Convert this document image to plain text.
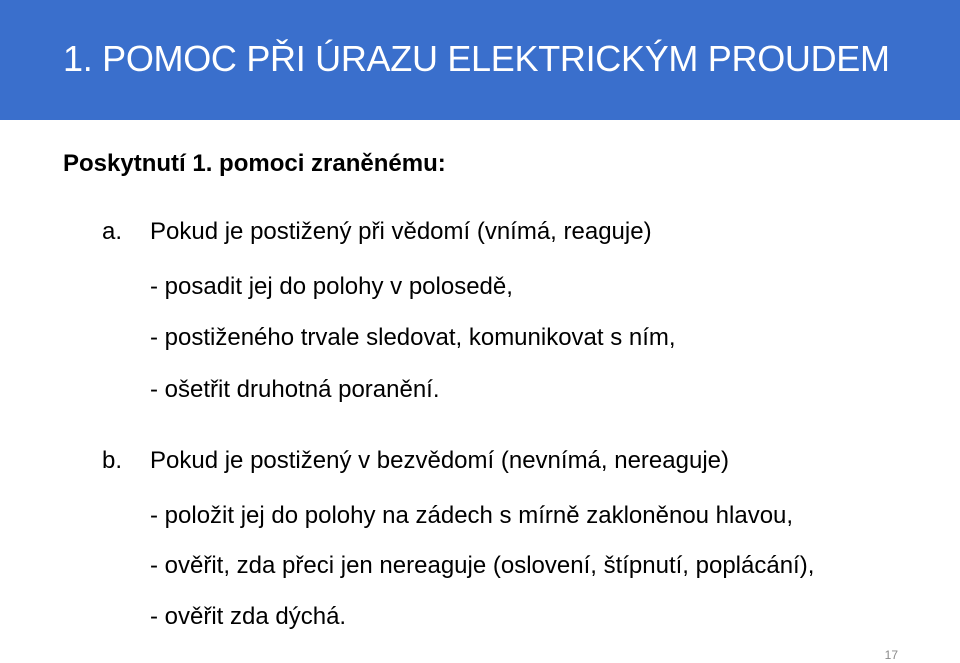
1. POMOC PŘI ÚRAZU ELEKTRICKÝM PROUDEM
Poskytnutí 1. pomoci zraněnému:
a. Pokud je postižený při vědomí (vnímá, reaguje)
- posadit jej do polohy v polosedě,
- postiženého trvale sledovat, komunikovat s ním,
- ošetřit druhotná poranění.
b. Pokud je postižený v bezvědomí (nevnímá, nereaguje)
- položit jej do polohy na zádech s mírně zakloněnou hlavou,
- ověřit, zda přeci jen nereaguje (oslovení, štípnutí, poplácání),
- ověřit zda dýchá.
17
